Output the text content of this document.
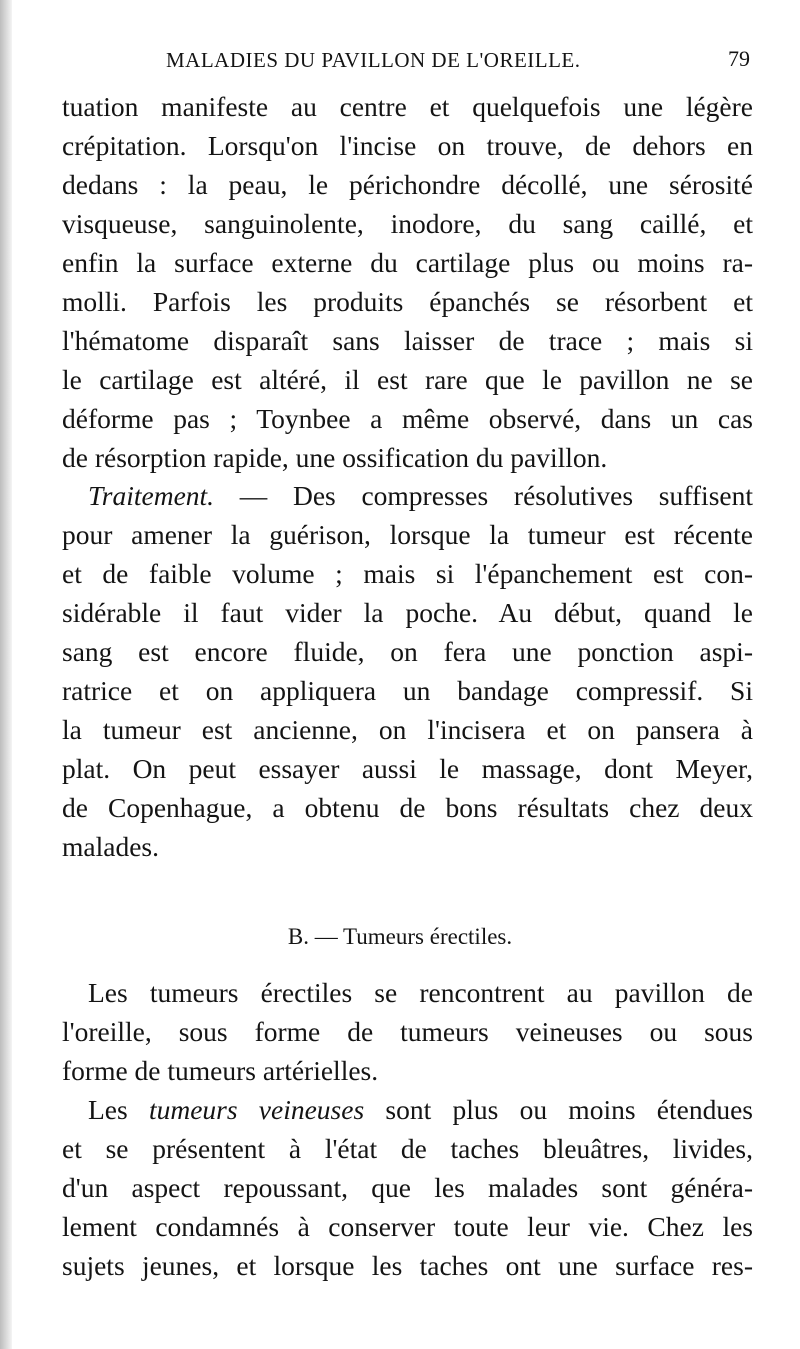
MALADIES DU PAVILLON DE L'OREILLE.	79
tuation manifeste au centre et quelquefois une légère
crépitation. Lorsqu'on l'incise on trouve, de dehors en
dedans : la peau, le périchondre décollé, une sérosité
visqueuse, sanguinolente, inodore, du sang caillé, et
enfin la surface externe du cartilage plus ou moins ra-
molli. Parfois les produits épanchés se résorbent et
l'hématome disparaît sans laisser de trace ; mais si
le cartilage est altéré, il est rare que le pavillon ne se
déforme pas ; Toynbee a même observé, dans un cas
de résorption rapide, une ossification du pavillon.
Traitement. — Des compresses résolutives suffisent
pour amener la guérison, lorsque la tumeur est récente
et de faible volume ; mais si l'épanchement est con-
sidérable il faut vider la poche. Au début, quand le
sang est encore fluide, on fera une ponction aspi-
ratrice et on appliquera un bandage compressif. Si
la tumeur est ancienne, on l'incisera et on pansera à
plat. On peut essayer aussi le massage, dont Meyer,
de Copenhague, a obtenu de bons résultats chez deux
malades.
B. — Tumeurs érectiles.
Les tumeurs érectiles se rencontrent au pavillon de
l'oreille, sous forme de tumeurs veineuses ou sous
forme de tumeurs artérielles.
Les tumeurs veineuses sont plus ou moins étendues
et se présentent à l'état de taches bleuâtres, livides,
d'un aspect repoussant, que les malades sont généra-
lement condamnés à conserver toute leur vie. Chez les
sujets jeunes, et lorsque les taches ont une surface res-
